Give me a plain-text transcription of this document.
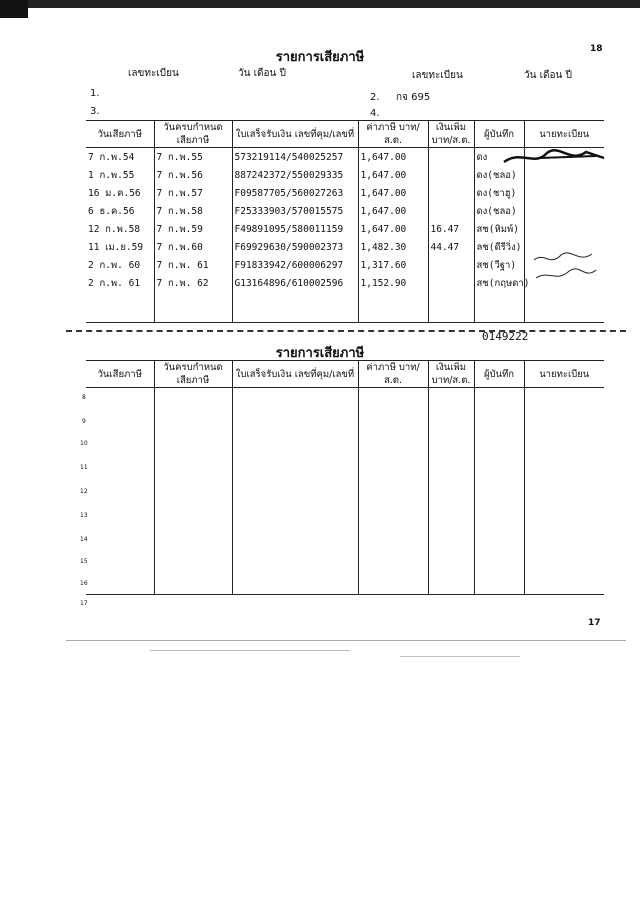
18
รายการเสียภาษี
เลขทะเบียน	วัน เดือน ปี	เลขทะเบียน	วัน เดือน ปี
1.	2. กจ 695
3.	4.
วันเสียภาษี	วันครบกำหนด เสียภาษี	ใบเสร็จรับเงิน เลขที่คุม/เลขที่	ค่าภาษี บาท/ส.ต.	เงินเพิ่ม บาท/ส.ต.	ผู้บันทึก	นายทะเบียน
7 ก.พ.54	7 ก.พ.55	573219114/540025257	1,647.00		ดง	
1 ก.พ.55	7 ก.พ.56	887242372/550029335	1,647.00		ดง(ชลอ)	
16 ม.ค.56	7 ก.พ.57	F09587705/560027263	1,647.00		ดง(ชาฮู)	
6 ธ.ค.56	7 ก.พ.58	F25333903/570015575	1,647.00		ดง(ชลอ)	
12 ก.พ.58	7 ก.พ.59	F49891095/580011159	1,647.00	16.47	สช(หิมพ์)	
11 เม.ย.59	7 ก.พ.60	F69929630/590002373	1,482.30	44.47	ลช(ดีรีวิ่ง)	
2 ก.พ. 60	7 ก.พ. 61	F91833942/600006297	1,317.60		สช(วีฐา)	
2 ก.พ. 61	7 ก.พ. 62	G13164896/610002596	1,152.90		สช(กฤษดา)	

0149222
รายการเสียภาษี
วันเสียภาษี	วันครบกำหนด เสียภาษี	ใบเสร็จรับเงิน เลขที่คุม/เลขที่	ค่าภาษี บาท/ส.ต.	เงินเพิ่ม บาท/ส.ต.	ผู้บันทึก	นายทะเบียน

8
9
10
11
12
13
14
15
16
17
17
